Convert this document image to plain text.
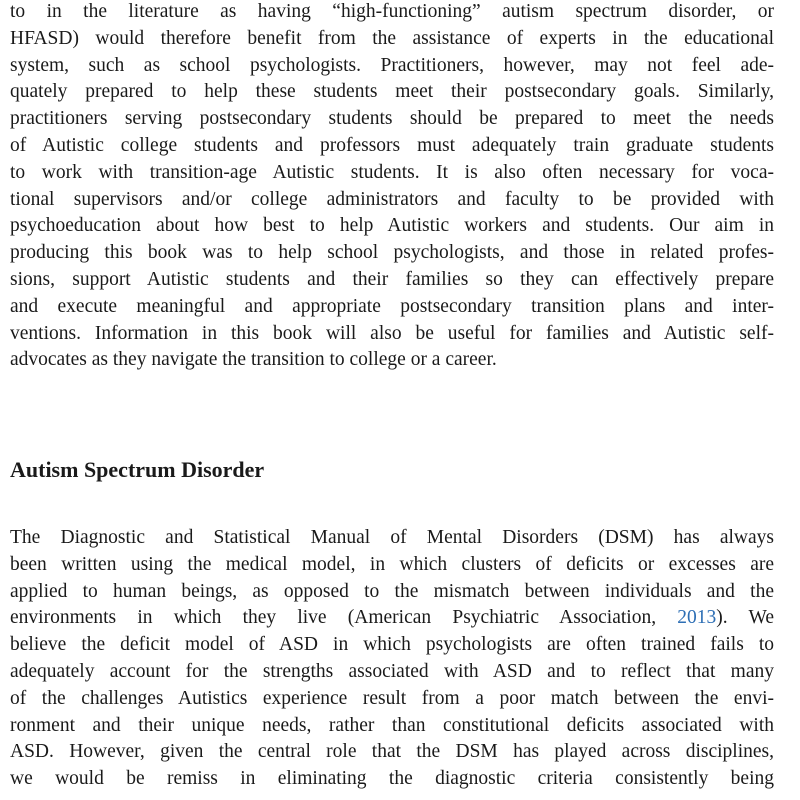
to in the literature as having “high-functioning” autism spectrum disorder, or
HFASD) would therefore benefit from the assistance of experts in the educational
system, such as school psychologists. Practitioners, however, may not feel ade-
quately prepared to help these students meet their postsecondary goals. Similarly,
practitioners serving postsecondary students should be prepared to meet the needs
of Autistic college students and professors must adequately train graduate students
to work with transition-age Autistic students. It is also often necessary for voca-
tional supervisors and/or college administrators and faculty to be provided with
psychoeducation about how best to help Autistic workers and students. Our aim in
producing this book was to help school psychologists, and those in related profes-
sions, support Autistic students and their families so they can effectively prepare
and execute meaningful and appropriate postsecondary transition plans and inter-
ventions. Information in this book will also be useful for families and Autistic self-
advocates as they navigate the transition to college or a career.
Autism Spectrum Disorder
The Diagnostic and Statistical Manual of Mental Disorders (DSM) has always
been written using the medical model, in which clusters of deficits or excesses are
applied to human beings, as opposed to the mismatch between individuals and the
environments in which they live (American Psychiatric Association, 2013). We
believe the deficit model of ASD in which psychologists are often trained fails to
adequately account for the strengths associated with ASD and to reflect that many
of the challenges Autistics experience result from a poor match between the envi-
ronment and their unique needs, rather than constitutional deficits associated with
ASD. However, given the central role that the DSM has played across disciplines,
we would be remiss in eliminating the diagnostic criteria consistently being
